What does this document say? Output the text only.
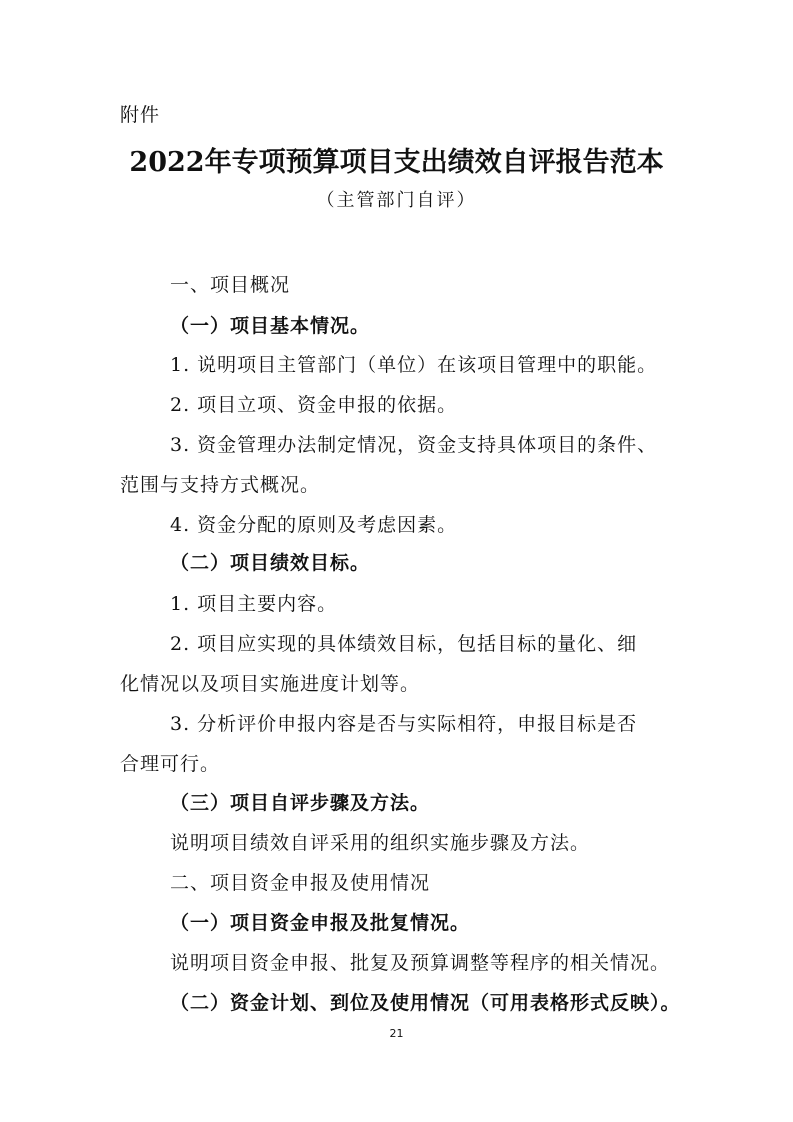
附件
2022年专项预算项目支出绩效自评报告范本
（主管部门自评）
一、项目概况
（一）项目基本情况。
1. 说明项目主管部门（单位）在该项目管理中的职能。
2. 项目立项、资金申报的依据。
3. 资金管理办法制定情况，资金支持具体项目的条件、
范围与支持方式概况。
4. 资金分配的原则及考虑因素。
（二）项目绩效目标。
1. 项目主要内容。
2. 项目应实现的具体绩效目标，包括目标的量化、细
化情况以及项目实施进度计划等。
3. 分析评价申报内容是否与实际相符，申报目标是否
合理可行。
（三）项目自评步骤及方法。
说明项目绩效自评采用的组织实施步骤及方法。
二、项目资金申报及使用情况
（一）项目资金申报及批复情况。
说明项目资金申报、批复及预算调整等程序的相关情况。
（二）资金计划、到位及使用情况（可用表格形式反映）。
21
